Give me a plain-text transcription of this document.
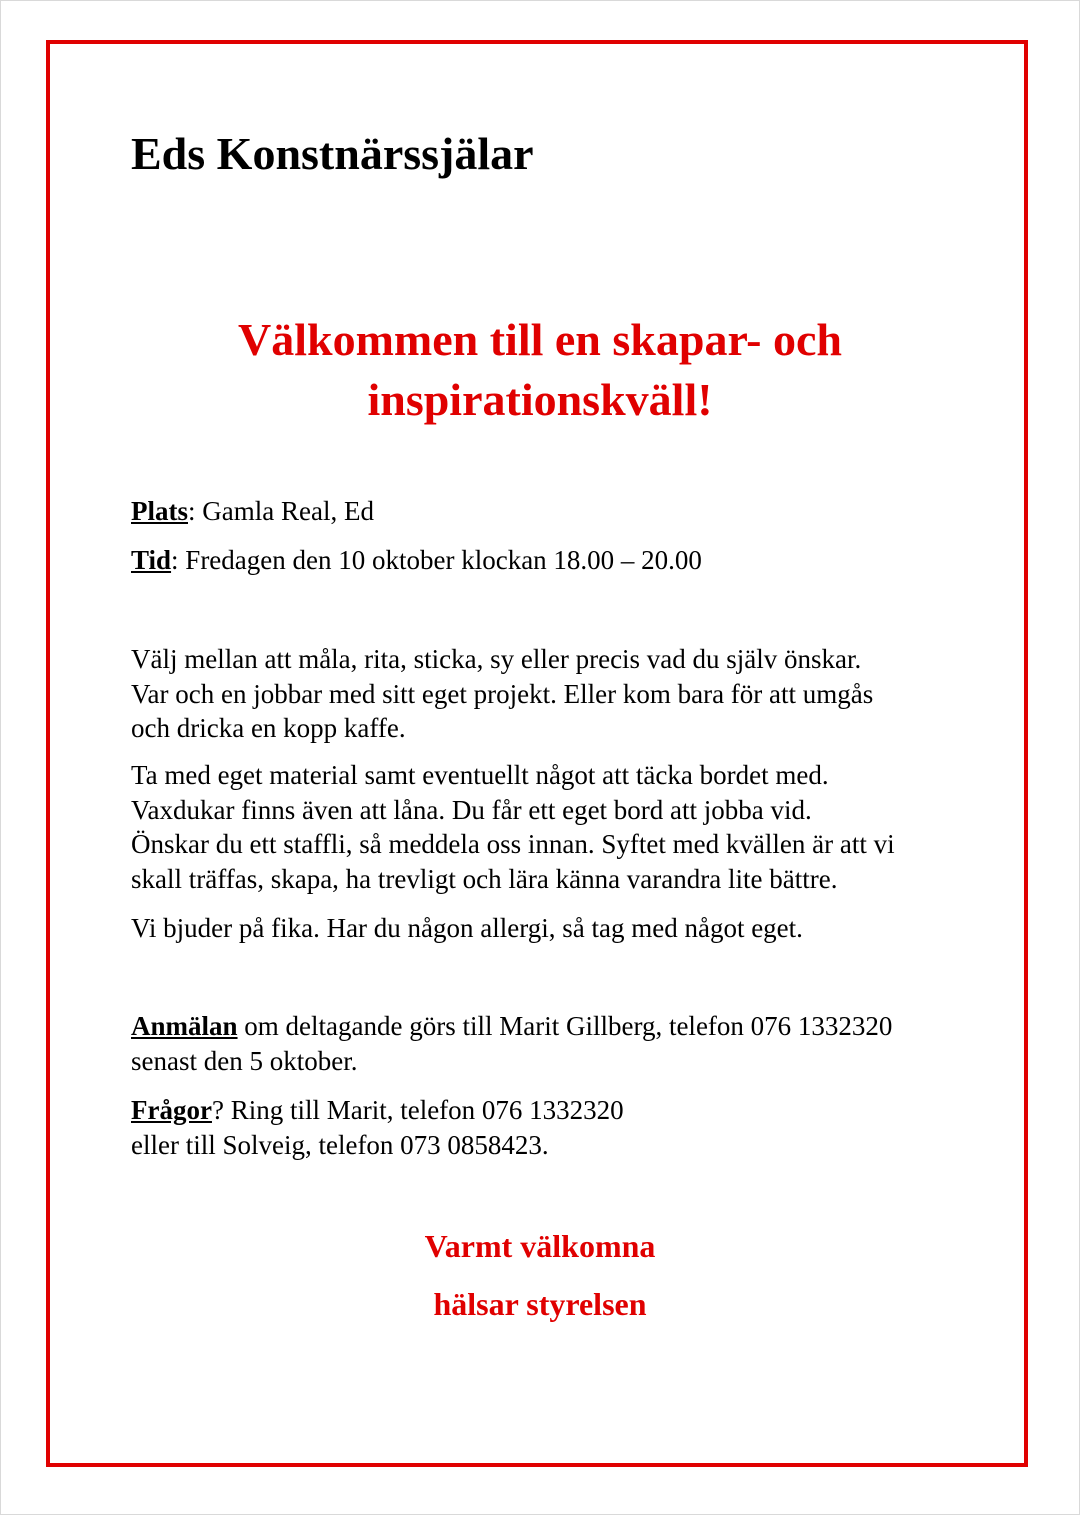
Eds Konstnärssjälar
Välkommen till en skapar- och
inspirationskväll!

Plats: Gamla Real, Ed

Tid: Fredagen den 10 oktober klockan 18.00 – 20.00

Välj mellan att måla, rita, sticka, sy eller precis vad du själv önskar.
Var och en jobbar med sitt eget projekt. Eller kom bara för att umgås
och dricka en kopp kaffe.

Ta med eget material samt eventuellt något att täcka bordet med.
Vaxdukar finns även att låna. Du får ett eget bord att jobba vid.
Önskar du ett staffli, så meddela oss innan. Syftet med kvällen är att vi
skall träffas, skapa, ha trevligt och lära känna varandra lite bättre.

Vi bjuder på fika. Har du någon allergi, så tag med något eget.

Anmälan om deltagande görs till Marit Gillberg, telefon 076 1332320
senast den 5 oktober.

Frågor? Ring till Marit, telefon 076 1332320
eller till Solveig, telefon 073 0858423.

Varmt välkomna

hälsar styrelsen
